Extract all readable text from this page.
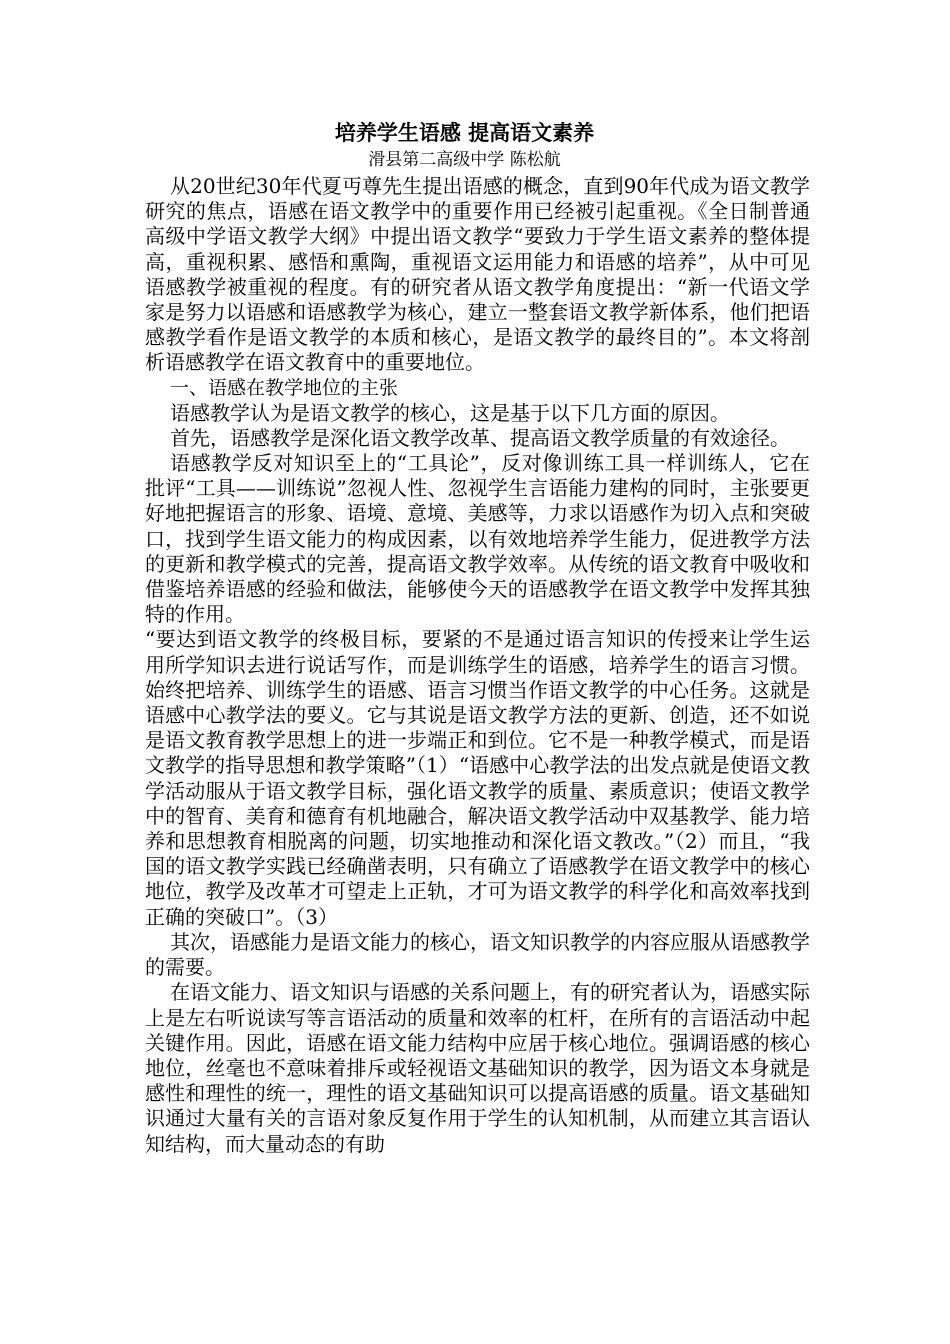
培养学生语感 提高语文素养
滑县第二高级中学 陈松航

从20世纪30年代夏丏尊先生提出语感的概念，直到90年代成为语文教学研究的焦点，语感在语文教学中的重要作用已经被引起重视。《全日制普通高级中学语文教学大纲》中提出语文教学“要致力于学生语文素养的整体提高，重视积累、感悟和熏陶，重视语文运用能力和语感的培养”，从中可见语感教学被重视的程度。有的研究者从语文教学角度提出：“新一代语文学家是努力以语感和语感教学为核心，建立一整套语文教学新体系，他们把语感教学看作是语文教学的本质和核心，是语文教学的最终目的”。本文将剖析语感教学在语文教育中的重要地位。

一、语感在教学地位的主张

语感教学认为是语文教学的核心，这是基于以下几方面的原因。

首先，语感教学是深化语文教学改革、提高语文教学质量的有效途径。

语感教学反对知识至上的“工具论”，反对像训练工具一样训练人，它在批评“工具——训练说”忽视人性、忽视学生言语能力建构的同时，主张要更好地把握语言的形象、语境、意境、美感等，力求以语感作为切入点和突破口，找到学生语文能力的构成因素，以有效地培养学生能力，促进教学方法的更新和教学模式的完善，提高语文教学效率。从传统的语文教育中吸收和借鉴培养语感的经验和做法，能够使今天的语感教学在语文教学中发挥其独特的作用。

“要达到语文教学的终极目标，要紧的不是通过语言知识的传授来让学生运用所学知识去进行说话写作，而是训练学生的语感，培养学生的语言习惯。始终把培养、训练学生的语感、语言习惯当作语文教学的中心任务。这就是语感中心教学法的要义。它与其说是语文教学方法的更新、创造，还不如说是语文教育教学思想上的进一步端正和到位。它不是一种教学模式，而是语文教学的指导思想和教学策略”（1）“语感中心教学法的出发点就是使语文教学活动服从于语文教学目标，强化语文教学的质量、素质意识；使语文教学中的智育、美育和德育有机地融合，解决语文教学活动中双基教学、能力培养和思想教育相脱离的问题，切实地推动和深化语文教改。”（2）而且，“我国的语文教学实践已经确凿表明，只有确立了语感教学在语文教学中的核心地位，教学及改革才可望走上正轨，才可为语文教学的科学化和高效率找到正确的突破口”。（3）

其次，语感能力是语文能力的核心，语文知识教学的内容应服从语感教学的需要。

在语文能力、语文知识与语感的关系问题上，有的研究者认为，语感实际上是左右听说读写等言语活动的质量和效率的杠杆，在所有的言语活动中起关键作用。因此，语感在语文能力结构中应居于核心地位。强调语感的核心地位，丝毫也不意味着排斥或轻视语文基础知识的教学，因为语文本身就是感性和理性的统一，理性的语文基础知识可以提高语感的质量。语文基础知识通过大量有关的言语对象反复作用于学生的认知机制，从而建立其言语认知结构，而大量动态的有助
